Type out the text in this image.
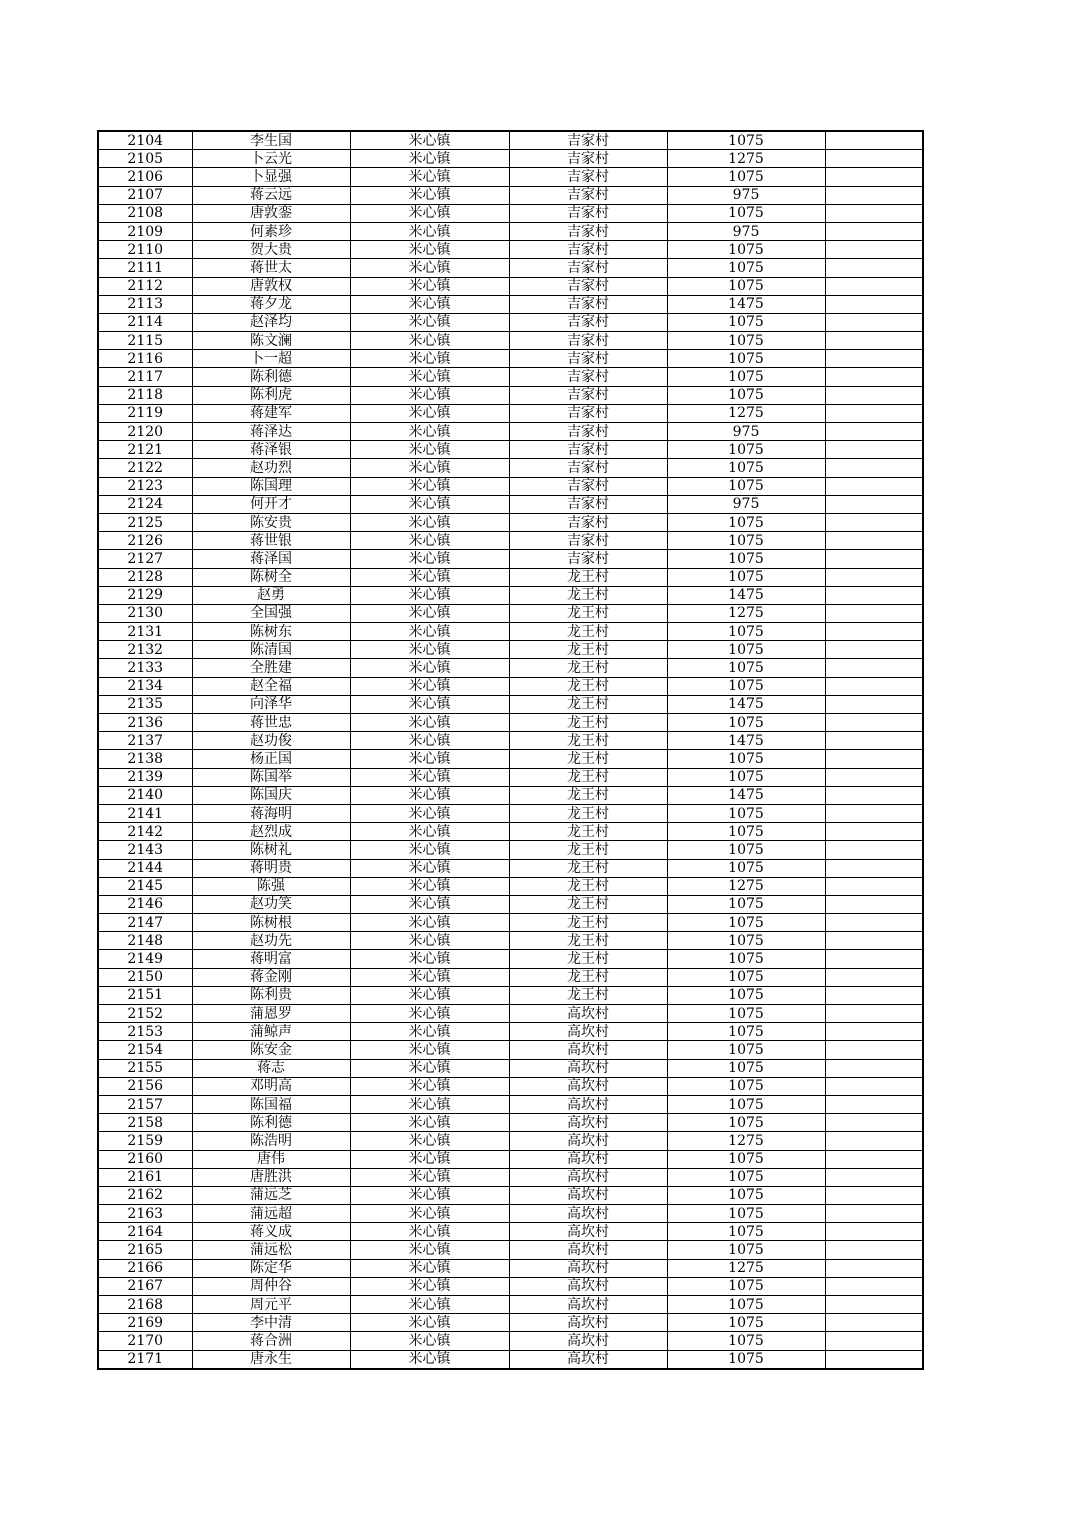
2104	李生国	米心镇	吉家村	1075	
2105	卜云光	米心镇	吉家村	1275	
2106	卜显强	米心镇	吉家村	1075	
2107	蒋云远	米心镇	吉家村	975	
2108	唐敦銮	米心镇	吉家村	1075	
2109	何素珍	米心镇	吉家村	975	
2110	贺大贵	米心镇	吉家村	1075	
2111	蒋世太	米心镇	吉家村	1075	
2112	唐敦权	米心镇	吉家村	1075	
2113	蒋夕龙	米心镇	吉家村	1475	
2114	赵泽均	米心镇	吉家村	1075	
2115	陈文澜	米心镇	吉家村	1075	
2116	卜一超	米心镇	吉家村	1075	
2117	陈利德	米心镇	吉家村	1075	
2118	陈利虎	米心镇	吉家村	1075	
2119	蒋建军	米心镇	吉家村	1275	
2120	蒋泽达	米心镇	吉家村	975	
2121	蒋泽银	米心镇	吉家村	1075	
2122	赵功烈	米心镇	吉家村	1075	
2123	陈国理	米心镇	吉家村	1075	
2124	何开才	米心镇	吉家村	975	
2125	陈安贵	米心镇	吉家村	1075	
2126	蒋世银	米心镇	吉家村	1075	
2127	蒋泽国	米心镇	吉家村	1075	
2128	陈树全	米心镇	龙王村	1075	
2129	赵勇	米心镇	龙王村	1475	
2130	全国强	米心镇	龙王村	1275	
2131	陈树东	米心镇	龙王村	1075	
2132	陈清国	米心镇	龙王村	1075	
2133	全胜建	米心镇	龙王村	1075	
2134	赵全福	米心镇	龙王村	1075	
2135	向泽华	米心镇	龙王村	1475	
2136	蒋世忠	米心镇	龙王村	1075	
2137	赵功俊	米心镇	龙王村	1475	
2138	杨正国	米心镇	龙王村	1075	
2139	陈国举	米心镇	龙王村	1075	
2140	陈国庆	米心镇	龙王村	1475	
2141	蒋海明	米心镇	龙王村	1075	
2142	赵烈成	米心镇	龙王村	1075	
2143	陈树礼	米心镇	龙王村	1075	
2144	蒋明贵	米心镇	龙王村	1075	
2145	陈强	米心镇	龙王村	1275	
2146	赵功笑	米心镇	龙王村	1075	
2147	陈树根	米心镇	龙王村	1075	
2148	赵功先	米心镇	龙王村	1075	
2149	蒋明富	米心镇	龙王村	1075	
2150	蒋金刚	米心镇	龙王村	1075	
2151	陈利贵	米心镇	龙王村	1075	
2152	蒲恩罗	米心镇	高坎村	1075	
2153	蒲鲸声	米心镇	高坎村	1075	
2154	陈安金	米心镇	高坎村	1075	
2155	蒋志	米心镇	高坎村	1075	
2156	邓明高	米心镇	高坎村	1075	
2157	陈国福	米心镇	高坎村	1075	
2158	陈利德	米心镇	高坎村	1075	
2159	陈浩明	米心镇	高坎村	1275	
2160	唐伟	米心镇	高坎村	1075	
2161	唐胜洪	米心镇	高坎村	1075	
2162	蒲远芝	米心镇	高坎村	1075	
2163	蒲远超	米心镇	高坎村	1075	
2164	蒋义成	米心镇	高坎村	1075	
2165	蒲远松	米心镇	高坎村	1075	
2166	陈定华	米心镇	高坎村	1275	
2167	周仲谷	米心镇	高坎村	1075	
2168	周元平	米心镇	高坎村	1075	
2169	李中清	米心镇	高坎村	1075	
2170	蒋合洲	米心镇	高坎村	1075	
2171	唐永生	米心镇	高坎村	1075	
